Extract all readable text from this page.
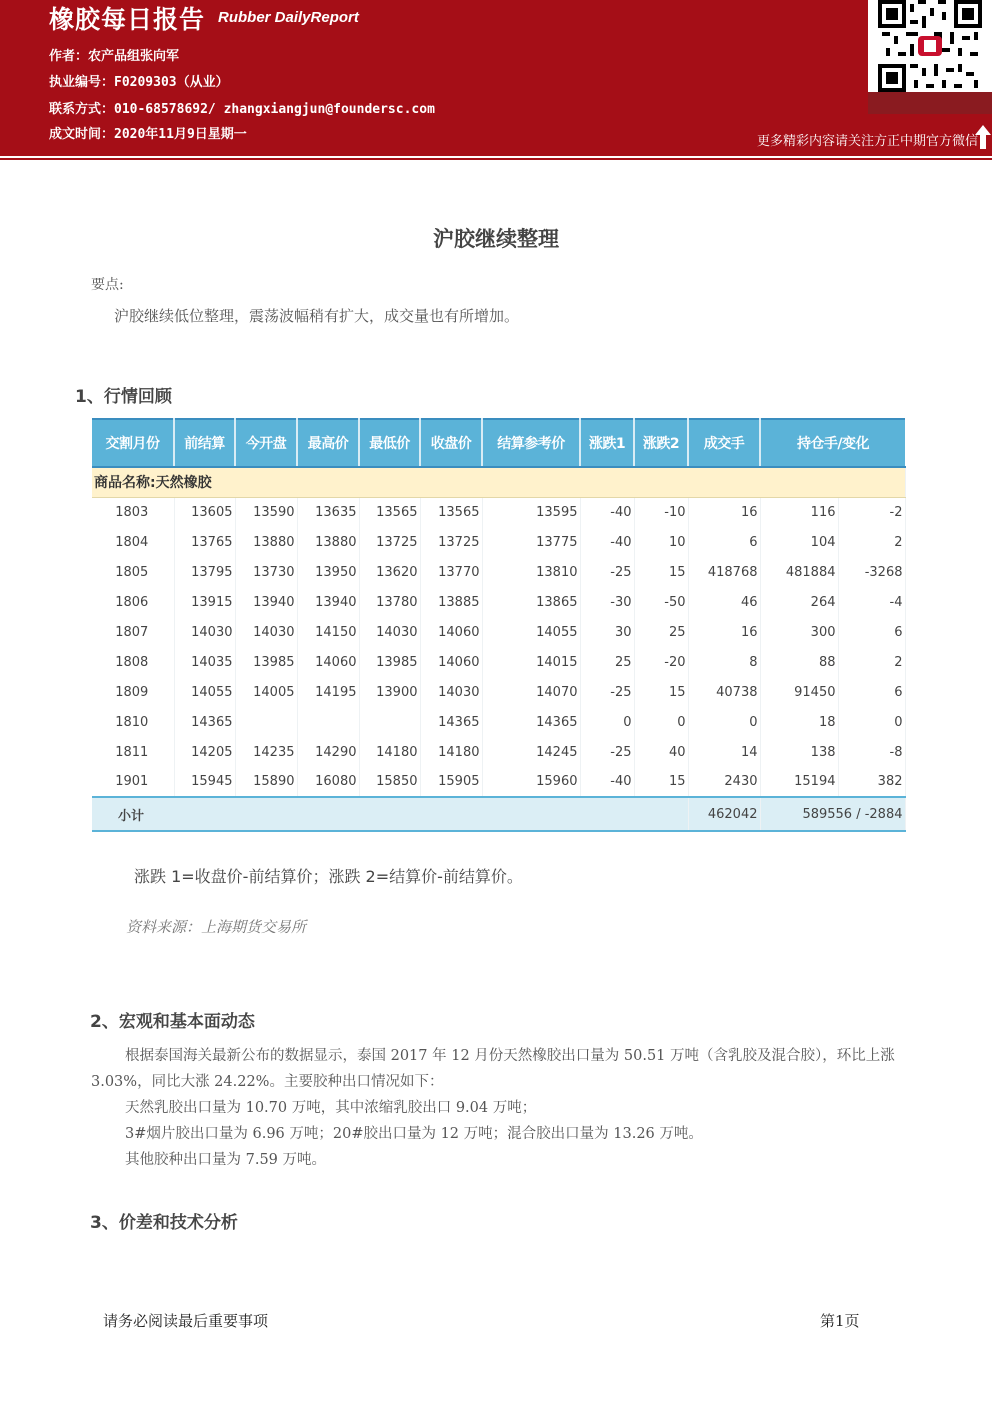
橡胶每日报告 Rubber DailyReport
作者：农产品组张向军
执业编号：F0209303（从业）
联系方式：010-68578692/ zhangxiangjun@foundersc.com
成文时间：2020年11月9日星期一	更多精彩内容请关注方正中期官方微信
沪胶继续整理
要点:
沪胶继续低位整理，震荡波幅稍有扩大，成交量也有所增加。
1、行情回顾
交割月份	前结算	今开盘	最高价	最低价	收盘价	结算参考价	涨跌1	涨跌2	成交手	持仓手/变化	
商品名称:天然橡胶											
1803	13605	13590	13635	13565	13565	13595	-40	-10	16	116	-2
1804	13765	13880	13880	13725	13725	13775	-40	10	6	104	2
1805	13795	13730	13950	13620	13770	13810	-25	15	418768	481884	-3268
1806	13915	13940	13940	13780	13885	13865	-30	-50	46	264	-4
1807	14030	14030	14150	14030	14060	14055	30	25	16	300	6
1808	14035	13985	14060	13985	14060	14015	25	-20	8	88	2
1809	14055	14005	14195	13900	14030	14070	-25	15	40738	91450	6
1810	14365				14365	14365	0	0	0	18	0
1811	14205	14235	14290	14180	14180	14245	-25	40	14	138	-8
1901	15945	15890	16080	15850	15905	15960	-40	15	2430	15194	382
小计									462042	589556 / -2884	
涨跌 1=收盘价-前结算价；涨跌 2=结算价-前结算价。
资料来源：上海期货交易所
2、宏观和基本面动态
根据泰国海关最新公布的数据显示，泰国 2017 年 12 月份天然橡胶出口量为 50.51 万吨（含乳胶及混合胶），环比上涨 3.03%，同比大涨 24.22%。主要胶种出口情况如下：
天然乳胶出口量为 10.70 万吨，其中浓缩乳胶出口 9.04 万吨；
3#烟片胶出口量为 6.96 万吨；20#胶出口量为 12 万吨；混合胶出口量为 13.26 万吨。
其他胶种出口量为 7.59 万吨。
3、价差和技术分析
请务必阅读最后重要事项	第1页
